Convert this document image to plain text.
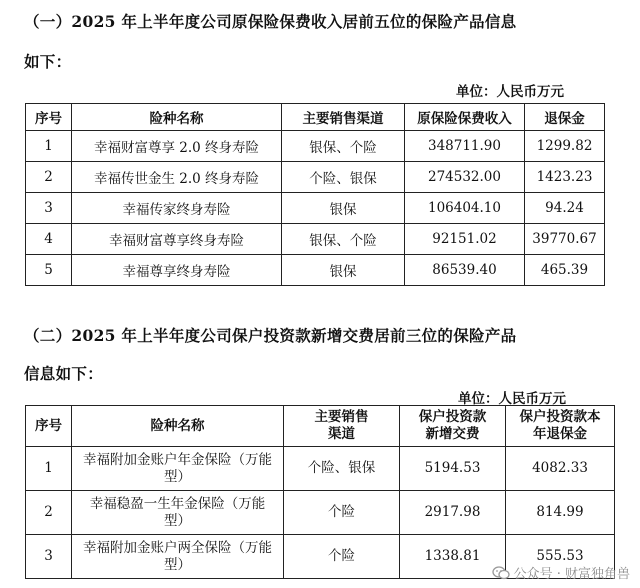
（一）2025 年上半年度公司原保险保费收入居前五位的保险产品信息
如下：
单位：人民币万元
序号	险种名称	主要销售渠道	原保险保费收入	退保金
1	幸福财富尊享 2.0 终身寿险	银保、个险	348711.90	1299.82
2	幸福传世金生 2.0 终身寿险	个险、银保	274532.00	1423.23
3	幸福传家终身寿险	银保	106404.10	94.24
4	幸福财富尊享终身寿险	银保、个险	92151.02	39770.67
5	幸福尊享终身寿险	银保	86539.40	465.39
（二）2025 年上半年度公司保户投资款新增交费居前三位的保险产品
信息如下：
单位：人民币万元
序号	险种名称	主要销售渠道	保户投资款新增交费	保户投资款本年退保金
1	幸福附加金账户年金保险（万能型）	个险、银保	5194.53	4082.33
2	幸福稳盈一生年金保险（万能型）	个险	2917.98	814.99
3	幸福附加金账户两全保险（万能型）	个险	1338.81	555.53
公众号 · 财富独角兽
